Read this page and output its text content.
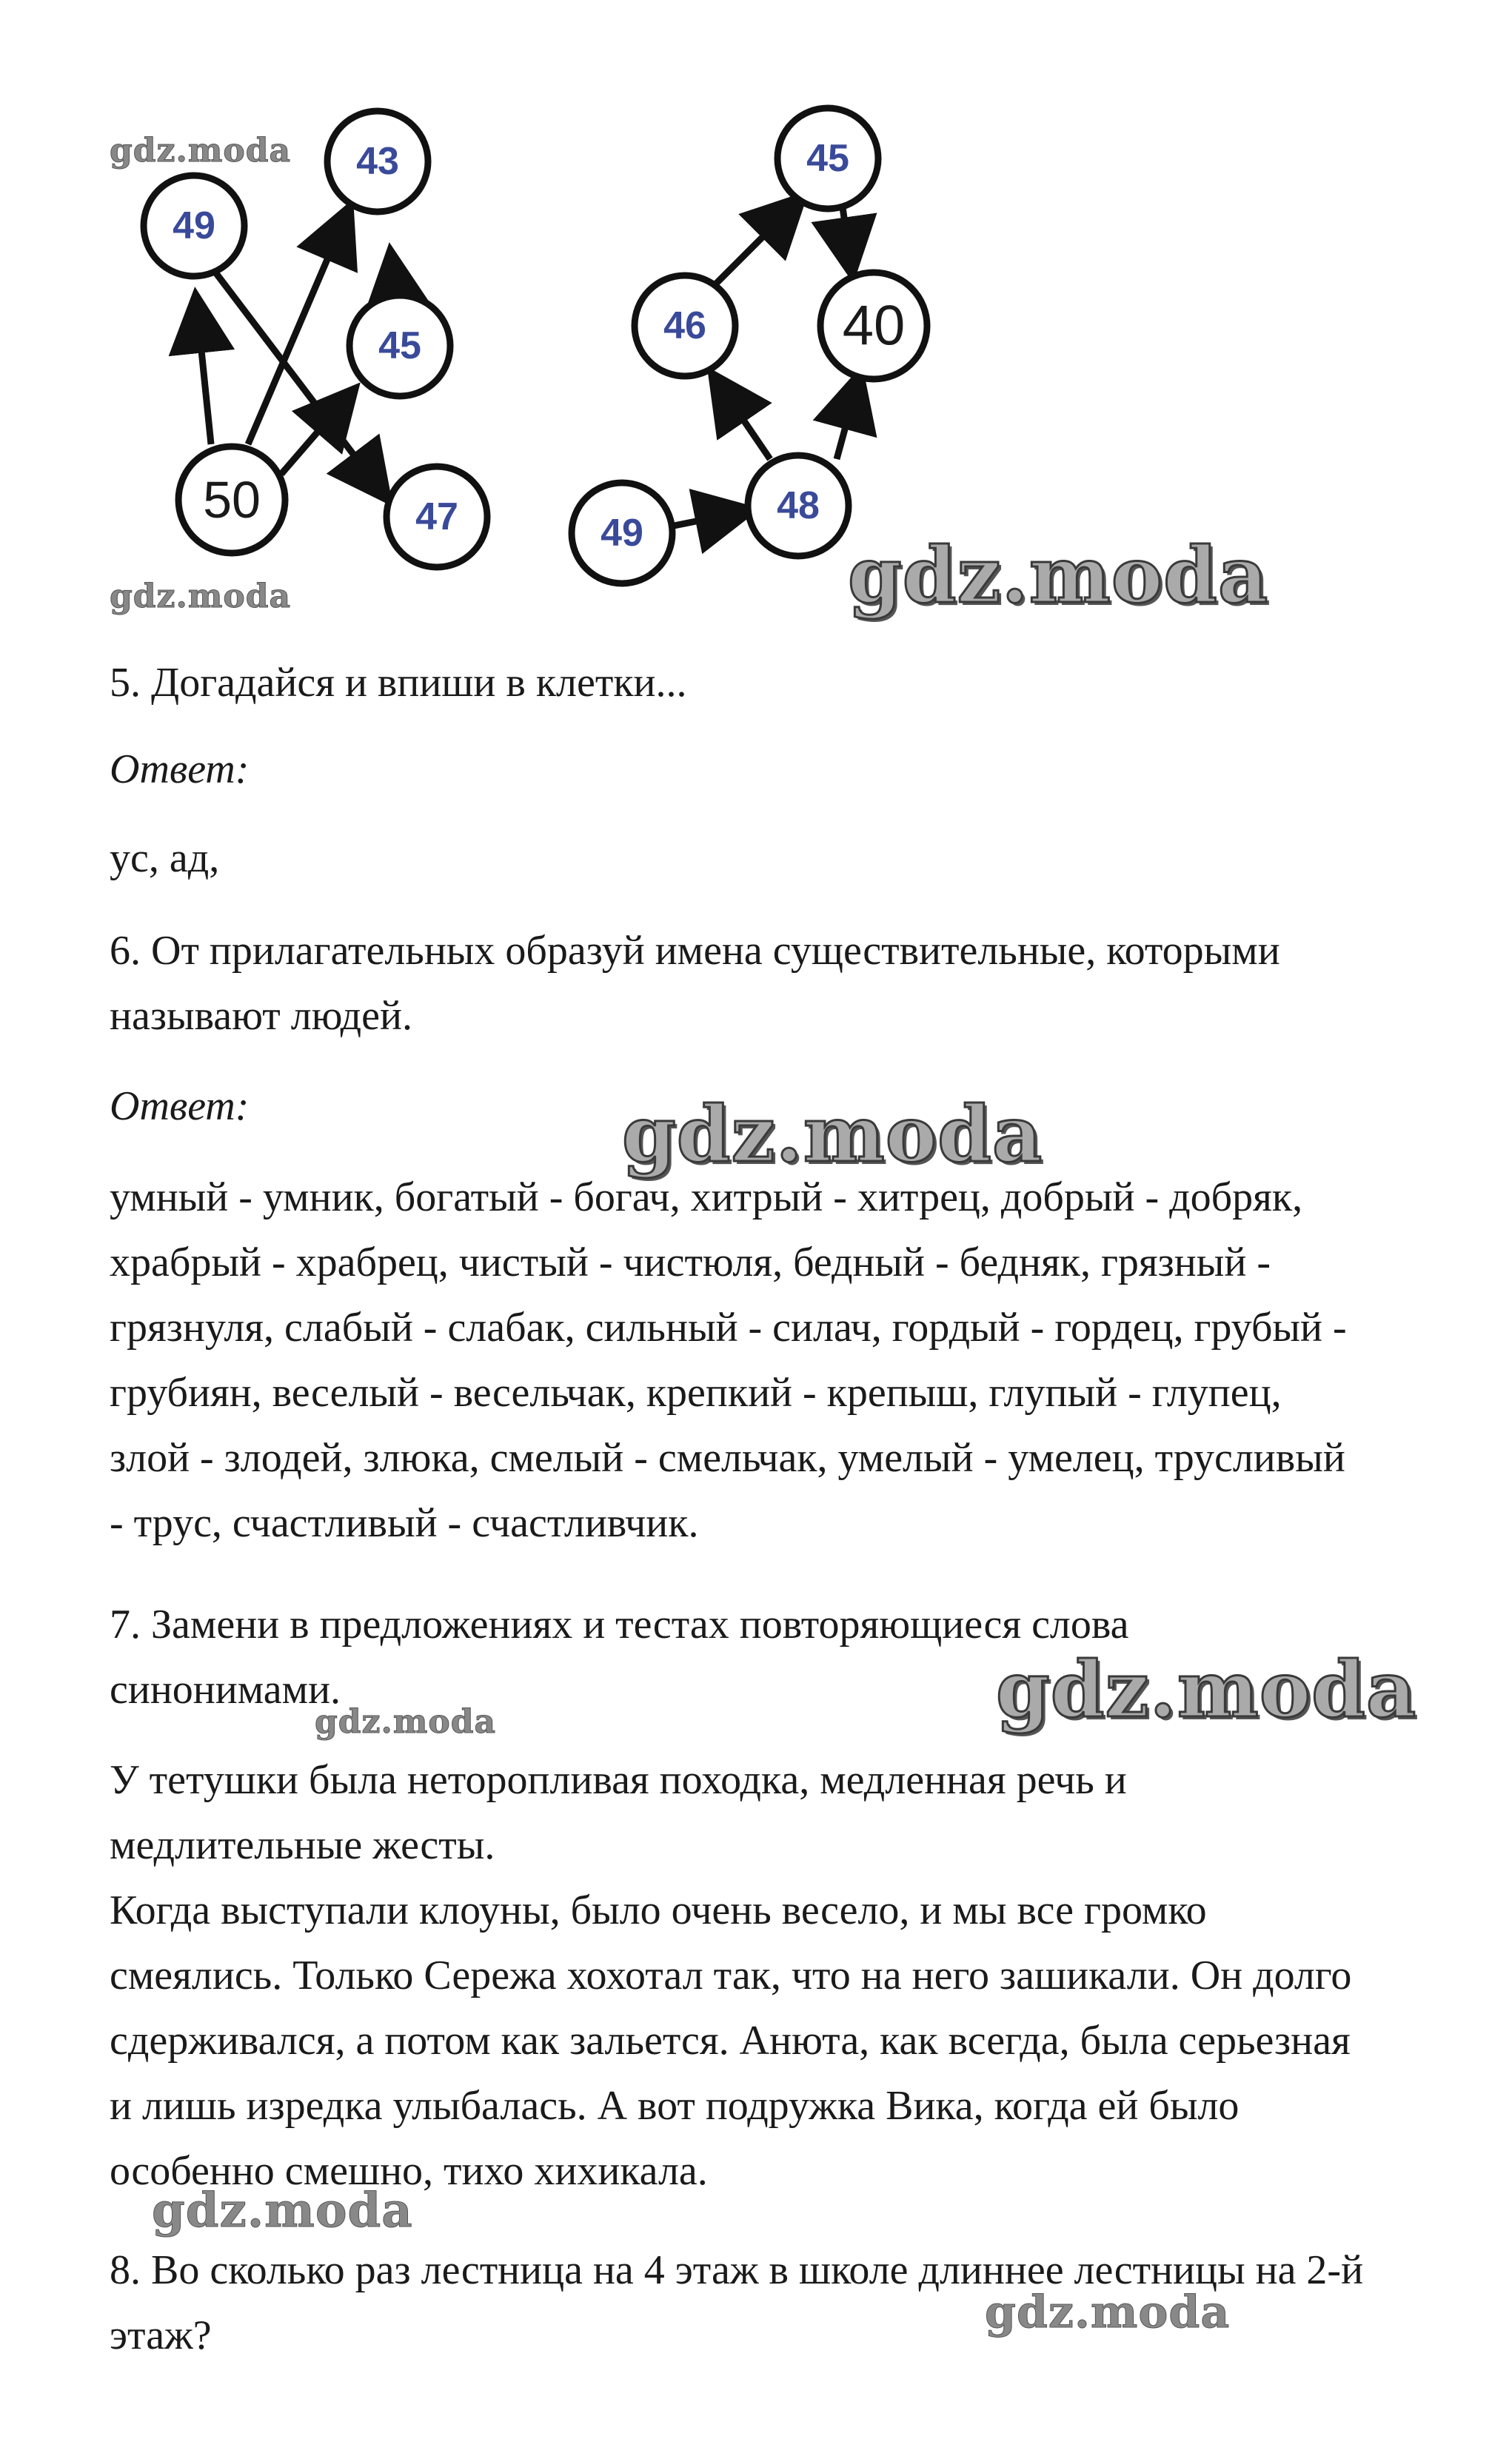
49
43
45
50	47
45
46 40
48
49
gdz.moda
gdz.moda	gdz.moda
gdz.moda
gdz.moda
gdz.moda
gdz.moda
gdz.moda

5. Догадайся и впиши в клетки...

Ответ:

ус, ад,

6. От прилагательных образуй имена существительные, которыми
называют людей.

Ответ:

умный - умник, богатый - богач, хитрый - хитрец, добрый - добряк,
храбрый - храбрец, чистый - чистюля, бедный - бедняк, грязный -
грязнуля, слабый - слабак, сильный - силач, гордый - гордец, грубый -
грубиян, веселый - весельчак, крепкий - крепыш, глупый - глупец,
злой - злодей, злюка, смелый - смельчак, умелый - умелец, трусливый
- трус, счастливый - счастливчик.
7. Замени в предложениях и тестах повторяющиеся слова
синонимами.
У тетушки была неторопливая походка, медленная речь и
медлительные жесты.
Когда выступали клоуны, было очень весело, и мы все громко
смеялись. Только Сережа хохотал так, что на него зашикали. Он долго
сдерживался, а потом как зальется. Анюта, как всегда, была серьезная
и лишь изредка улыбалась. А вот подружка Вика, когда ей было
особенно смешно, тихо хихикала.
8. Во сколько раз лестница на 4 этаж в школе длиннее лестницы на 2-й
этаж?
